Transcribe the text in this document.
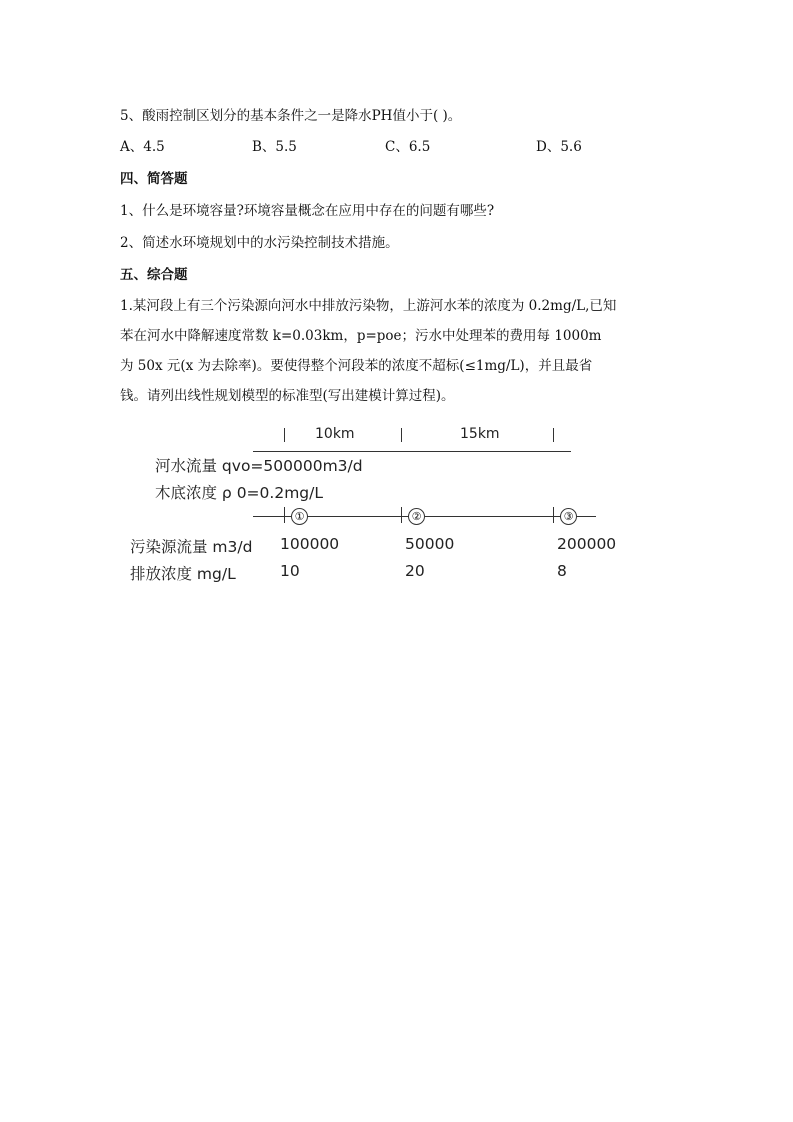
5、酸雨控制区划分的基本条件之一是降水PH值小于( )。
A、4.5	B、5.5	C、6.5	D、5.6
四、简答题
1、什么是环境容量?环境容量概念在应用中存在的问题有哪些?
2、简述水环境规划中的水污染控制技术措施。
五、综合题
1.某河段上有三个污染源向河水中排放污染物，上游河水苯的浓度为 0.2mg/L,已知
苯在河水中降解速度常数 k=0.03km，p=poe；污水中处理苯的费用每 1000m
为 50x 元(x 为去除率)。要使得整个河段苯的浓度不超标(≤1mg/L)，并且最省
钱。请列出线性规划模型的标准型(写出建模计算过程)。
10km	15km
河水流量 qvo=500000m3/d
木底浓度 ρ 0=0.2mg/L
①	②	③
污染源流量 m3/d 100000	50000	200000
排放浓度 mg/L	10	20	8
